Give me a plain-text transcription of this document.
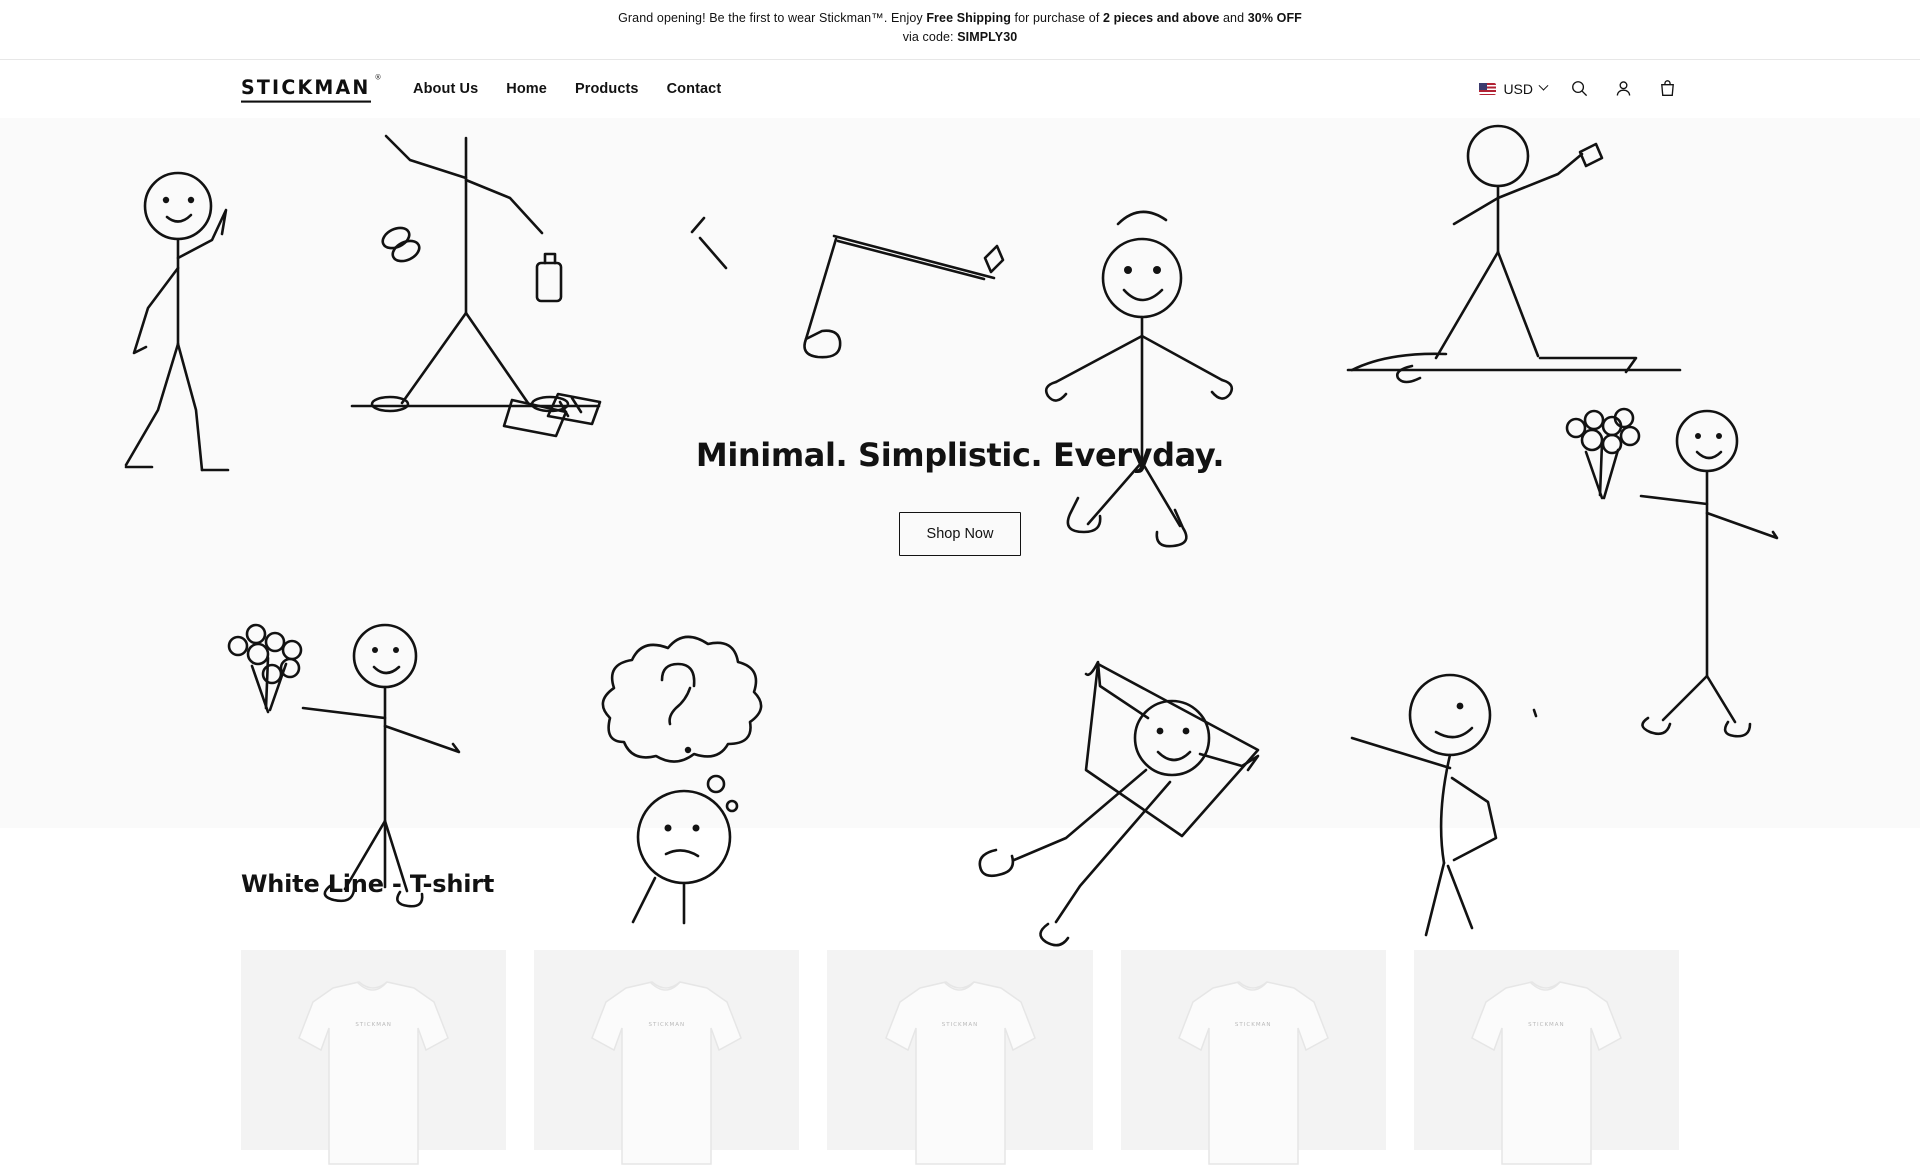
Grand opening! Be the first to wear Stickman™. Enjoy Free Shipping for purchase of 2 pieces and above and 30% OFF
via code: SIMPLY30
STICKMAN ®
About Us Home Products Contact	USD
Minimal. Simplistic. Everyday.
Shop Now
White Line - T-shirt
STICKMAN	STICKMAN	STICKMAN	STICKMAN	STICKMAN
